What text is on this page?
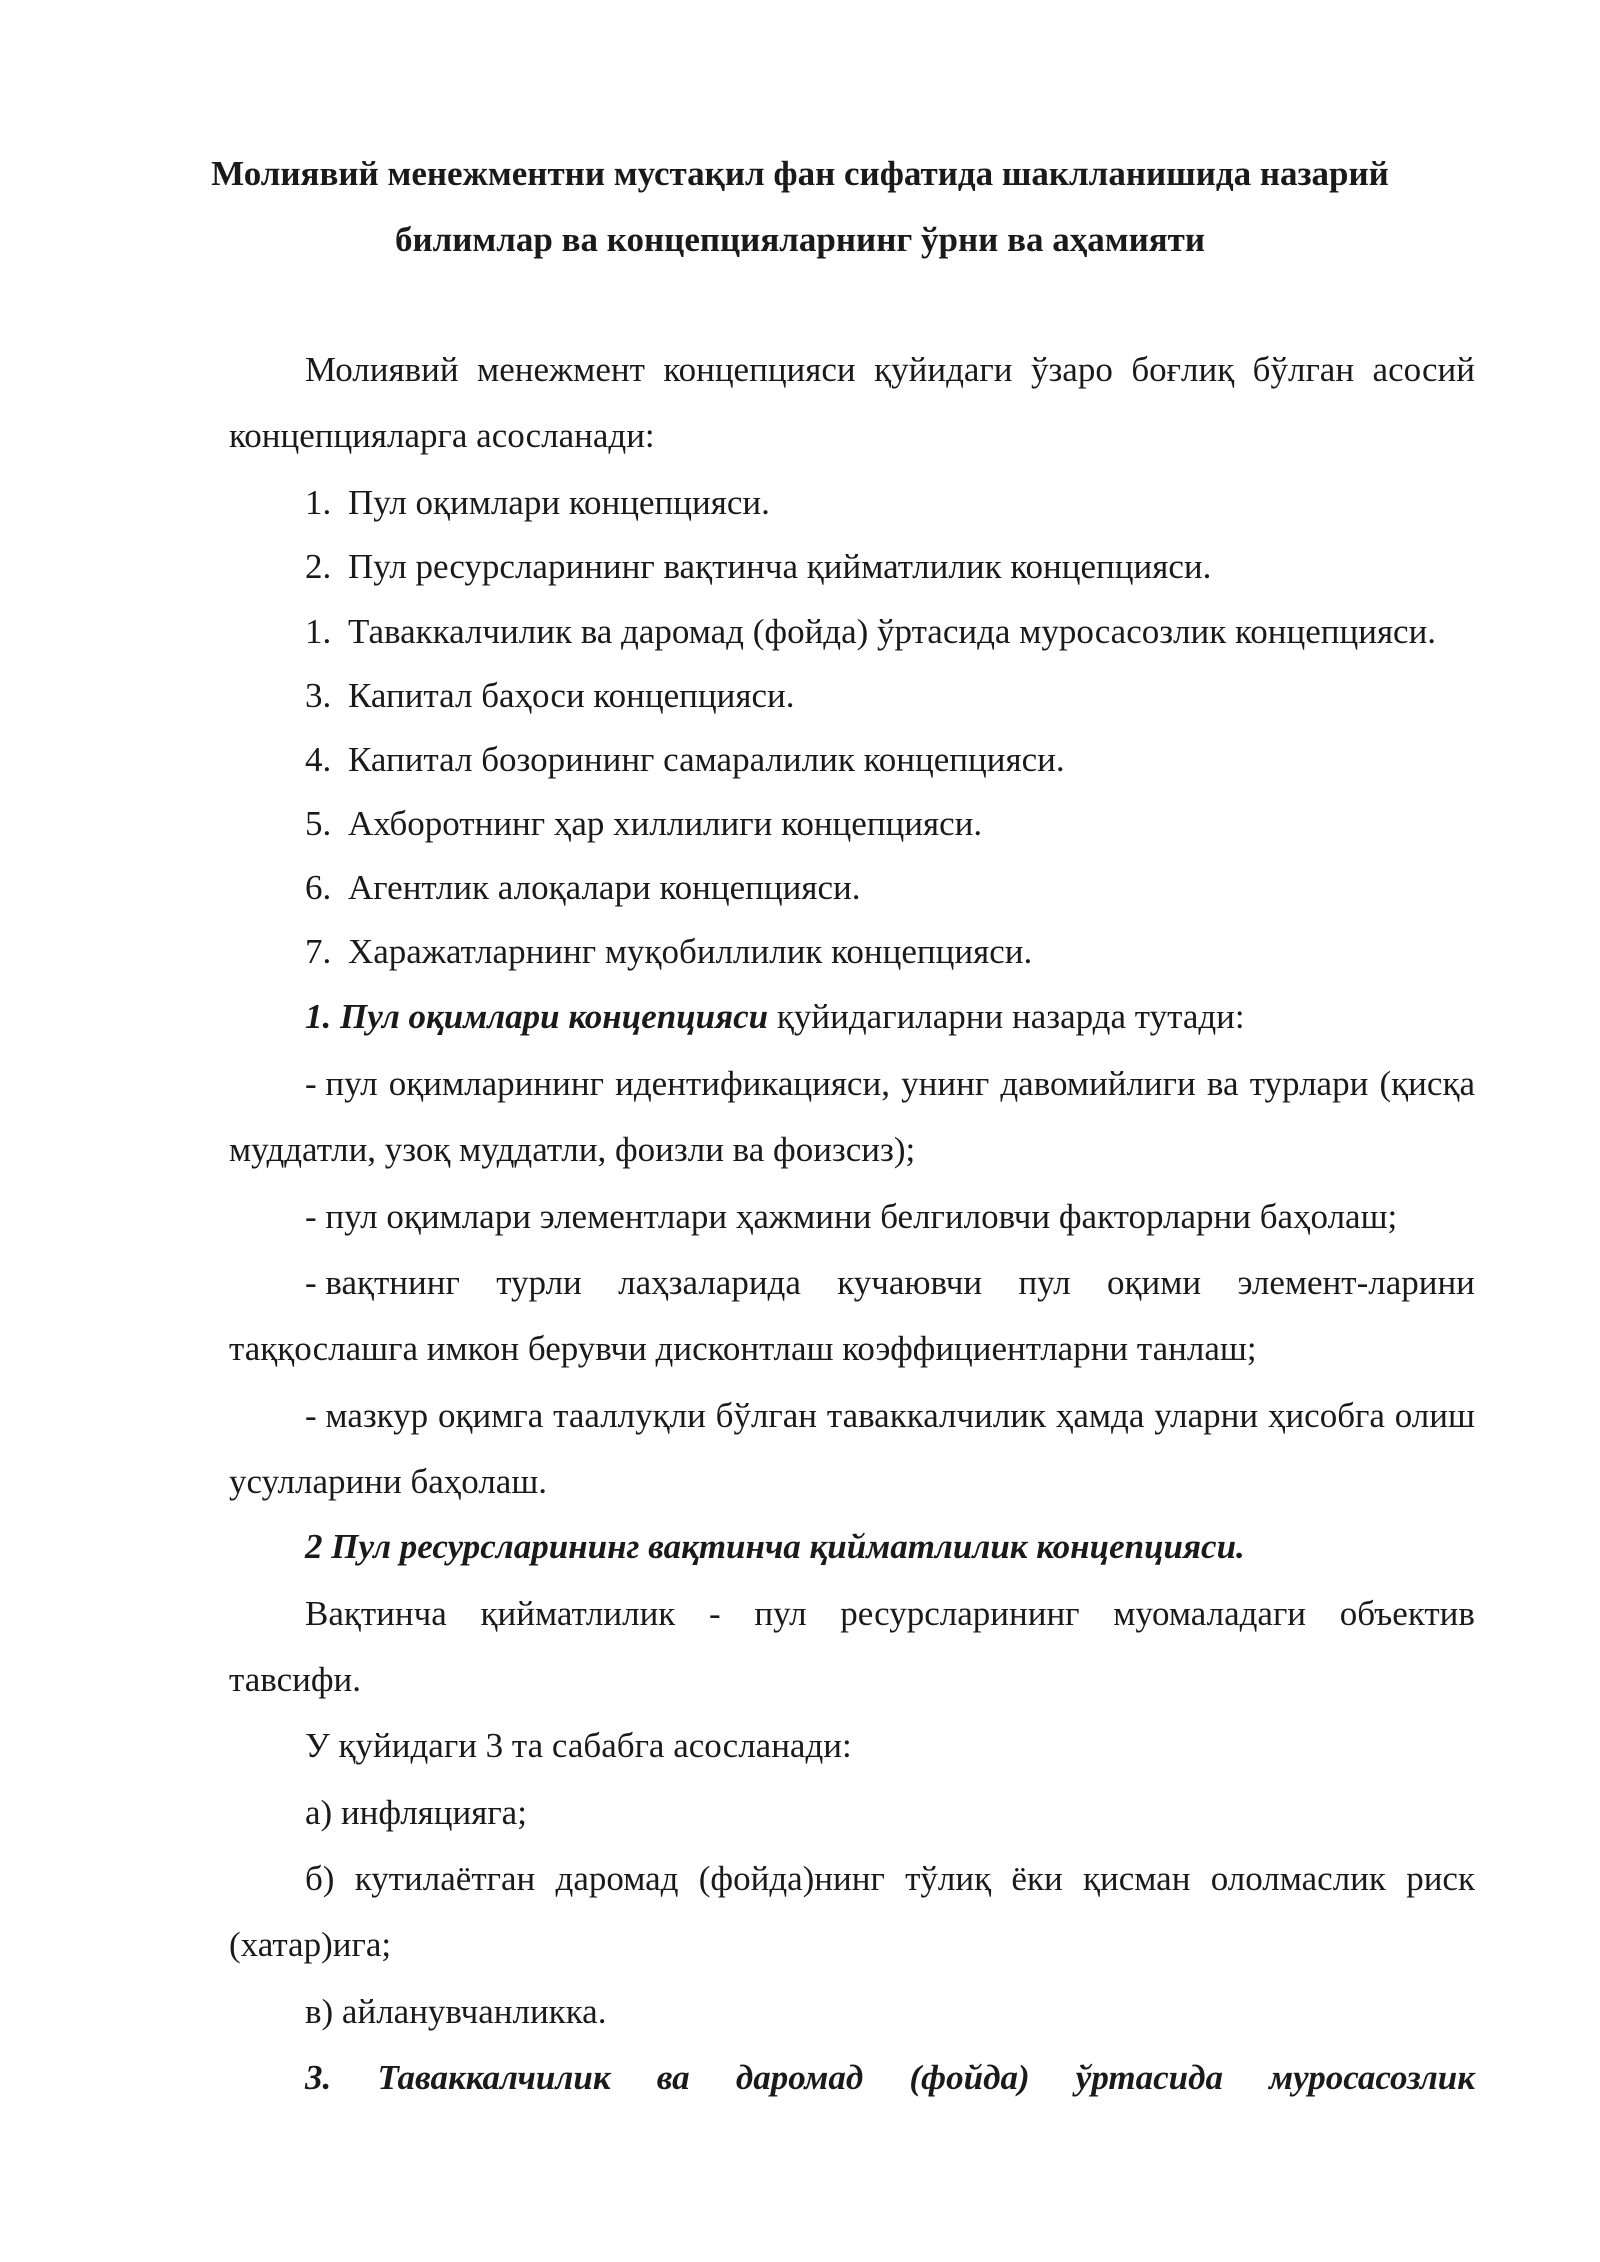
Молиявий менежментни мустақил фан сифатида шаклланишида назарий
билимлар ва концепцияларнинг ўрни ва аҳамияти
Молиявий менежмент концепцияси қуйидаги ўзаро боғлиқ бўлган асосий
концепцияларга асосланади:
1. Пул оқимлари концепцияси.
2. Пул ресурсларининг вақтинча қийматлилик концепцияси.
1. Таваккалчилик ва даромад (фойда) ўртасида муросасозлик концепцияси.
3. Капитал баҳоси концепцияси.
4. Капитал бозорининг самаралилик концепцияси.
5. Ахборотнинг ҳар хиллилиги концепцияси.
6. Агентлик алоқалари концепцияси.
7. Харажатларнинг муқобиллилик концепцияси.
1. Пул оқимлари концепцияси қуйидагиларни назарда тутади:
- пул оқимларининг идентификацияси, унинг давомийлиги ва турлари (қисқа
муддатли, узоқ муддатли, фоизли ва фоизсиз);
- пул оқимлари элементлари ҳажмини белгиловчи факторларни баҳолаш;
- вақтнинг турли лаҳзаларида кучаювчи пул оқими элемент-ларини
таққослашга имкон берувчи дисконтлаш коэффициентларни танлаш;
- мазкур оқимга тааллуқли бўлган таваккалчилик ҳамда уларни ҳисобга олиш
усулларини баҳолаш.
2 Пул ресурсларининг вақтинча қийматлилик концепцияси.
Вақтинча қийматлилик - пул ресурсларининг муомаладаги объектив
тавсифи.
У қуйидаги 3 та сабабга асосланади:
а) инфляцияга;
б) кутилаётган даромад (фойда)нинг тўлиқ ёки қисман ололмаслик риск
(хатар)ига;
в) айланувчанликка.
3. Таваккалчилик ва даромад (фойда) ўртасида муросасозлик
